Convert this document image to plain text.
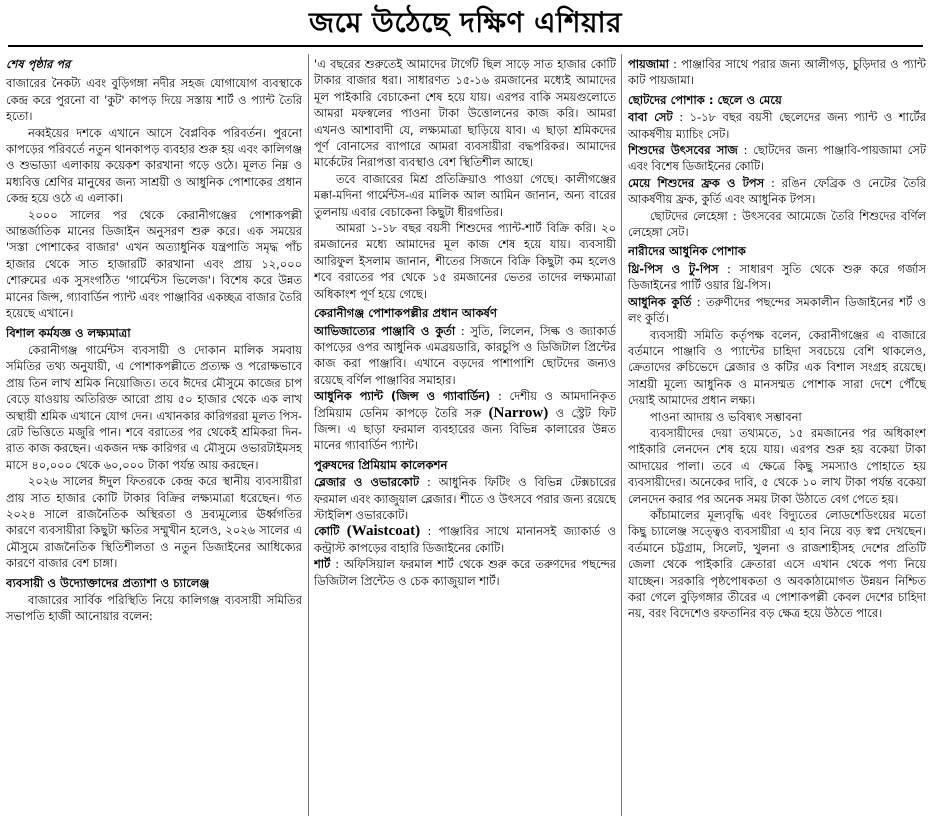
জমে উঠেছে দক্ষিণ এশিয়ার
শেষ পৃষ্ঠার পর

বাজারের নৈকট্য এবং বুড়িগঙ্গা নদীর সহজ যোগাযোগ ব্যবস্থাকে কেন্দ্র করে পুরনো বা 'কুট' কাপড় দিয়ে সস্তায় শার্ট ও প্যান্ট তৈরি হতো।

নব্বইয়ের দশকে এখানে আসে বৈপ্লবিক পরিবর্তন। পুরনো কাপড়ের পরিবর্তে নতুন থানকাপড় ব্যবহার শুরু হয় এবং কালিগঞ্জ ও শুভাড্যা এলাকায় কয়েকশ কারখানা গড়ে ওঠে। মূলত নিম্ন ও মধ্যবিত্ত শ্রেণির মানুষের জন্য সাশ্রয়ী ও আধুনিক পোশাকের প্রধান কেন্দ্র হয়ে ওঠে এ এলাকা।

২০০০ সালের পর থেকে কেরানীগঞ্জের পোশাকপল্লী আন্তর্জাতিক মানের ডিজাইন অনুসরণ শুরু করে। এক সময়ের 'সস্তা পোশাকের বাজার' এখন অত্যাধুনিক যন্ত্রপাতি সমৃদ্ধ পাঁচ হাজার থেকে সাত হাজারটি কারখানা এবং প্রায় ১২,০০০ শোরুমের এক সুসংগঠিত 'গার্মেন্টস ভিলেজ'। বিশেষ করে উন্নত মানের জিন্স, গ্যাবার্ডিন প্যান্ট এবং পাঞ্জাবির একচ্ছত্র বাজার তৈরি হয়েছে এখানে।

বিশাল কর্মযজ্ঞ ও লক্ষ্যমাত্রা

কেরানীগঞ্জ গার্মেন্টস ব্যবসায়ী ও দোকান মালিক সমবায় সমিতির তথ্য অনুযায়ী, এ পোশাকপল্লীতে প্রত্যক্ষ ও পরোক্ষভাবে প্রায় তিন লাখ শ্রমিক নিয়োজিত। তবে ঈদের মৌসুমে কাজের চাপ বেড়ে যাওয়ায় অতিরিক্ত আরো প্রায় ৫০ হাজার থেকে এক লাখ অস্থায়ী শ্রমিক এখানে যোগ দেন। এখানকার কারিগররা মূলত পিস-রেট ভিত্তিতে মজুরি পান। শবে বরাতের পর থেকেই শ্রমিকরা দিন-রাত কাজ করছেন। একজন দক্ষ কারিগর এ মৌসুমে ওভারটাইমসহ মাসে ৪০,০০০ থেকে ৬০,০০০ টাকা পর্যন্ত আয় করছেন।

২০২৬ সালের ঈদুল ফিতরকে কেন্দ্র করে স্থানীয় ব্যবসায়ীরা প্রায় সাত হাজার কোটি টাকার বিক্রির লক্ষ্যমাত্রা ধরেছেন। গত ২০২৪ সালে রাজনৈতিক অস্থিরতা ও দ্রব্যমূল্যের ঊর্ধ্বগতির কারণে ব্যবসায়ীরা কিছুটা ক্ষতির সম্মুখীন হলেও, ২০২৬ সালের এ মৌসুমে রাজনৈতিক স্থিতিশীলতা ও নতুন ডিজাইনের আধিক্যের কারণে বাজার বেশ চাঙ্গা।

ব্যবসায়ী ও উদ্যোক্তাদের প্রত্যাশা ও চ্যালেঞ্জ

বাজারের সার্বিক পরিস্থিতি নিয়ে কালিগঞ্জ ব্যবসায়ী সমিতির সভাপতি হাজী আনোয়ার বলেন:

'এ বছরের শুরুতেই আমাদের টার্গেট ছিল সাড়ে সাত হাজার কোটি টাকার বাজার ধরা। সাধারণত ১৫-১৬ রমজানের মধ্যেই আমাদের মূল পাইকারি বেচাকেনা শেষ হয়ে যায়। এরপর বাকি সময়গুলোতে আমরা মফস্বলের পাওনা টাকা উত্তোলনের কাজ করি। আমরা এখনও আশাবাদী যে, লক্ষ্যমাত্রা ছাড়িয়ে যাব। এ ছাড়া শ্রমিকদের পূর্ণ বোনাসের ব্যাপারে আমরা ব্যবসায়ীরা বদ্ধপরিকর। আমাদের মার্কেটের নিরাপত্তা ব্যবস্থাও বেশ স্থিতিশীল আছে।

তবে বাজারের মিশ্র প্রতিক্রিয়াও পাওয়া গেছে। কালীগঞ্জের মক্কা-মদিনা গার্মেন্টস-এর মালিক আল আমিন জানান, অন্য বারের তুলনায় এবার বেচাকেনা কিছুটা ধীরগতির।

আমরা ১-১৮ বছর বয়সী শিশুদের প্যান্ট-শার্ট বিক্রি করি। ২০ রমজানের মধ্যে আমাদের মূল কাজ শেষ হয়ে যায়। ব্যবসায়ী আরিফুল ইসলাম জানান, শীতের সিজনে বিক্রি কিছুটা কম হলেও শবে বরাতের পর থেকে ১৫ রমজানের ভেতর তাদের লক্ষ্যমাত্রা অধিকাংশ পূর্ণ হয়ে গেছে।

কেরানীগঞ্জ পোশাকপল্লীর প্রধান আকর্ষণ

আভিজাত্যের পাঞ্জাবি ও কুর্তা : সুতি, লিলেন, সিল্ক ও জ্যাকার্ড কাপড়ের ওপর আধুনিক এমব্রয়ডারি, কারচুপি ও ডিজিটাল প্রিন্টের কাজ করা পাঞ্জাবি। এখানে বড়দের পাশাপাশি ছোটদের জন্যও রয়েছে বর্ণিল পাঞ্জাবির সমাহার।

আধুনিক প্যান্ট (জিন্স ও গ্যাবার্ডিন) : দেশীয় ও আমদানিকৃত প্রিমিয়াম ডেনিম কাপড়ে তৈরি সরু (Narrow) ও স্ট্রেট ফিট জিন্স। এ ছাড়া ফরমাল ব্যবহারের জন্য বিভিন্ন কালারের উন্নত মানের গ্যাবার্ডিন প্যান্ট।

পুরুষদের প্রিমিয়াম কালেকশন

ব্লেজার ও ওভারকোট : আধুনিক ফিটিং ও বিভিন্ন টেক্সচারের ফরমাল এবং ক্যাজুয়াল ব্লেজার। শীতে ও উৎসবে পরার জন্য রয়েছে স্টাইলিশ ওভারকোট।

কোটি (Waistcoat) : পাঞ্জাবির সাথে মানানসই জ্যাকার্ড ও কন্ট্রাস্ট কাপড়ের বাহারি ডিজাইনের কোটি।

শার্ট : অফিসিয়াল ফরমাল শার্ট থেকে শুরু করে তরুণদের পছন্দের ডিজিটাল প্রিন্টেড ও চেক ক্যাজুয়াল শার্ট।

পায়জামা : পাঞ্জাবির সাথে পরার জন্য আলীগড়, চুড়িদার ও প্যান্ট কাট পায়জামা।

ছোটদের পোশাক : ছেলে ও মেয়ে

বাবা সেট : ১-১৮ বছর বয়সী ছেলেদের জন্য প্যান্ট ও শার্টের আকর্ষণীয় ম্যাচিং সেট।

শিশুদের উৎসবের সাজ : ছোটদের জন্য পাঞ্জাবি-পায়জামা সেট এবং বিশেষ ডিজাইনের কোটি।

মেয়ে শিশুদের ফ্রক ও টপস : রঙিন ফেব্রিক ও নেটের তৈরি আকর্ষণীয় ফ্রক, কুর্তি এবং আধুনিক টপস।

ছোটদের লেহেঙ্গা : উৎসবের আমেজে তৈরি শিশুদের বর্ণিল লেহেঙ্গা সেট।

নারীদের আধুনিক পোশাক

থ্রি-পিস ও টু-পিস : সাধারণ সুতি থেকে শুরু করে গর্জাস ডিজাইনের পার্টি ওয়ার থ্রি-পিস।

আধুনিক কুর্তি : তরুণীদের পছন্দের সমকালীন ডিজাইনের শর্ট ও লং কুর্তি।

ব্যবসায়ী সমিতি কর্তৃপক্ষ বলেন, কেরানীগঞ্জের এ বাজারে বর্তমানে পাঞ্জাবি ও প্যান্টের চাহিদা সবচেয়ে বেশি থাকলেও, ক্রেতাদের রুচিভেদে ব্লেজার ও কটির এক বিশাল সংগ্রহ রয়েছে। সাশ্রয়ী মূল্যে আধুনিক ও মানসম্মত পোশাক সারা দেশে পৌঁছে দেয়াই আমাদের প্রধান লক্ষ্য।

পাওনা আদায় ও ভবিষ্যৎ সম্ভাবনা

ব্যবসায়ীদের দেয়া তথ্যমতে, ১৫ রমজানের পর অধিকাংশ পাইকারি লেনদেন শেষ হয়ে যায়। এরপর শুরু হয় বকেয়া টাকা আদায়ের পালা। তবে এ ক্ষেত্রে কিছু সমস্যাও পোহাতে হয় ব্যবসায়ীদের। অনেকের দাবি, ৫ থেকে ১০ লাখ টাকা পর্যন্ত বকেয়া লেনদেন করার পর অনেক সময় টাকা উঠাতে বেগ পেতে হয়।

কাঁচামালের মূল্যবৃদ্ধি এবং বিদ্যুতের লোডশেডিংয়ের মতো কিছু চ্যালেঞ্জ সত্ত্বেও ব্যবসায়ীরা এ হাব নিয়ে বড় স্বপ্ন দেখছেন। বর্তমানে চট্টগ্রাম, সিলেট, খুলনা ও রাজশাহীসহ দেশের প্রতিটি জেলা থেকে পাইকারি ক্রেতারা এসে এখান থেকে পণ্য নিয়ে যাচ্ছেন। সরকারি পৃষ্ঠপোষকতা ও অবকাঠামোগত উন্নয়ন নিশ্চিত করা গেলে বুড়িগঙ্গার তীরের এ পোশাকপল্লী কেবল দেশের চাহিদা নয়, বরং বিদেশেও রফতানির বড় ক্ষেত্র হয়ে উঠতে পারে।
